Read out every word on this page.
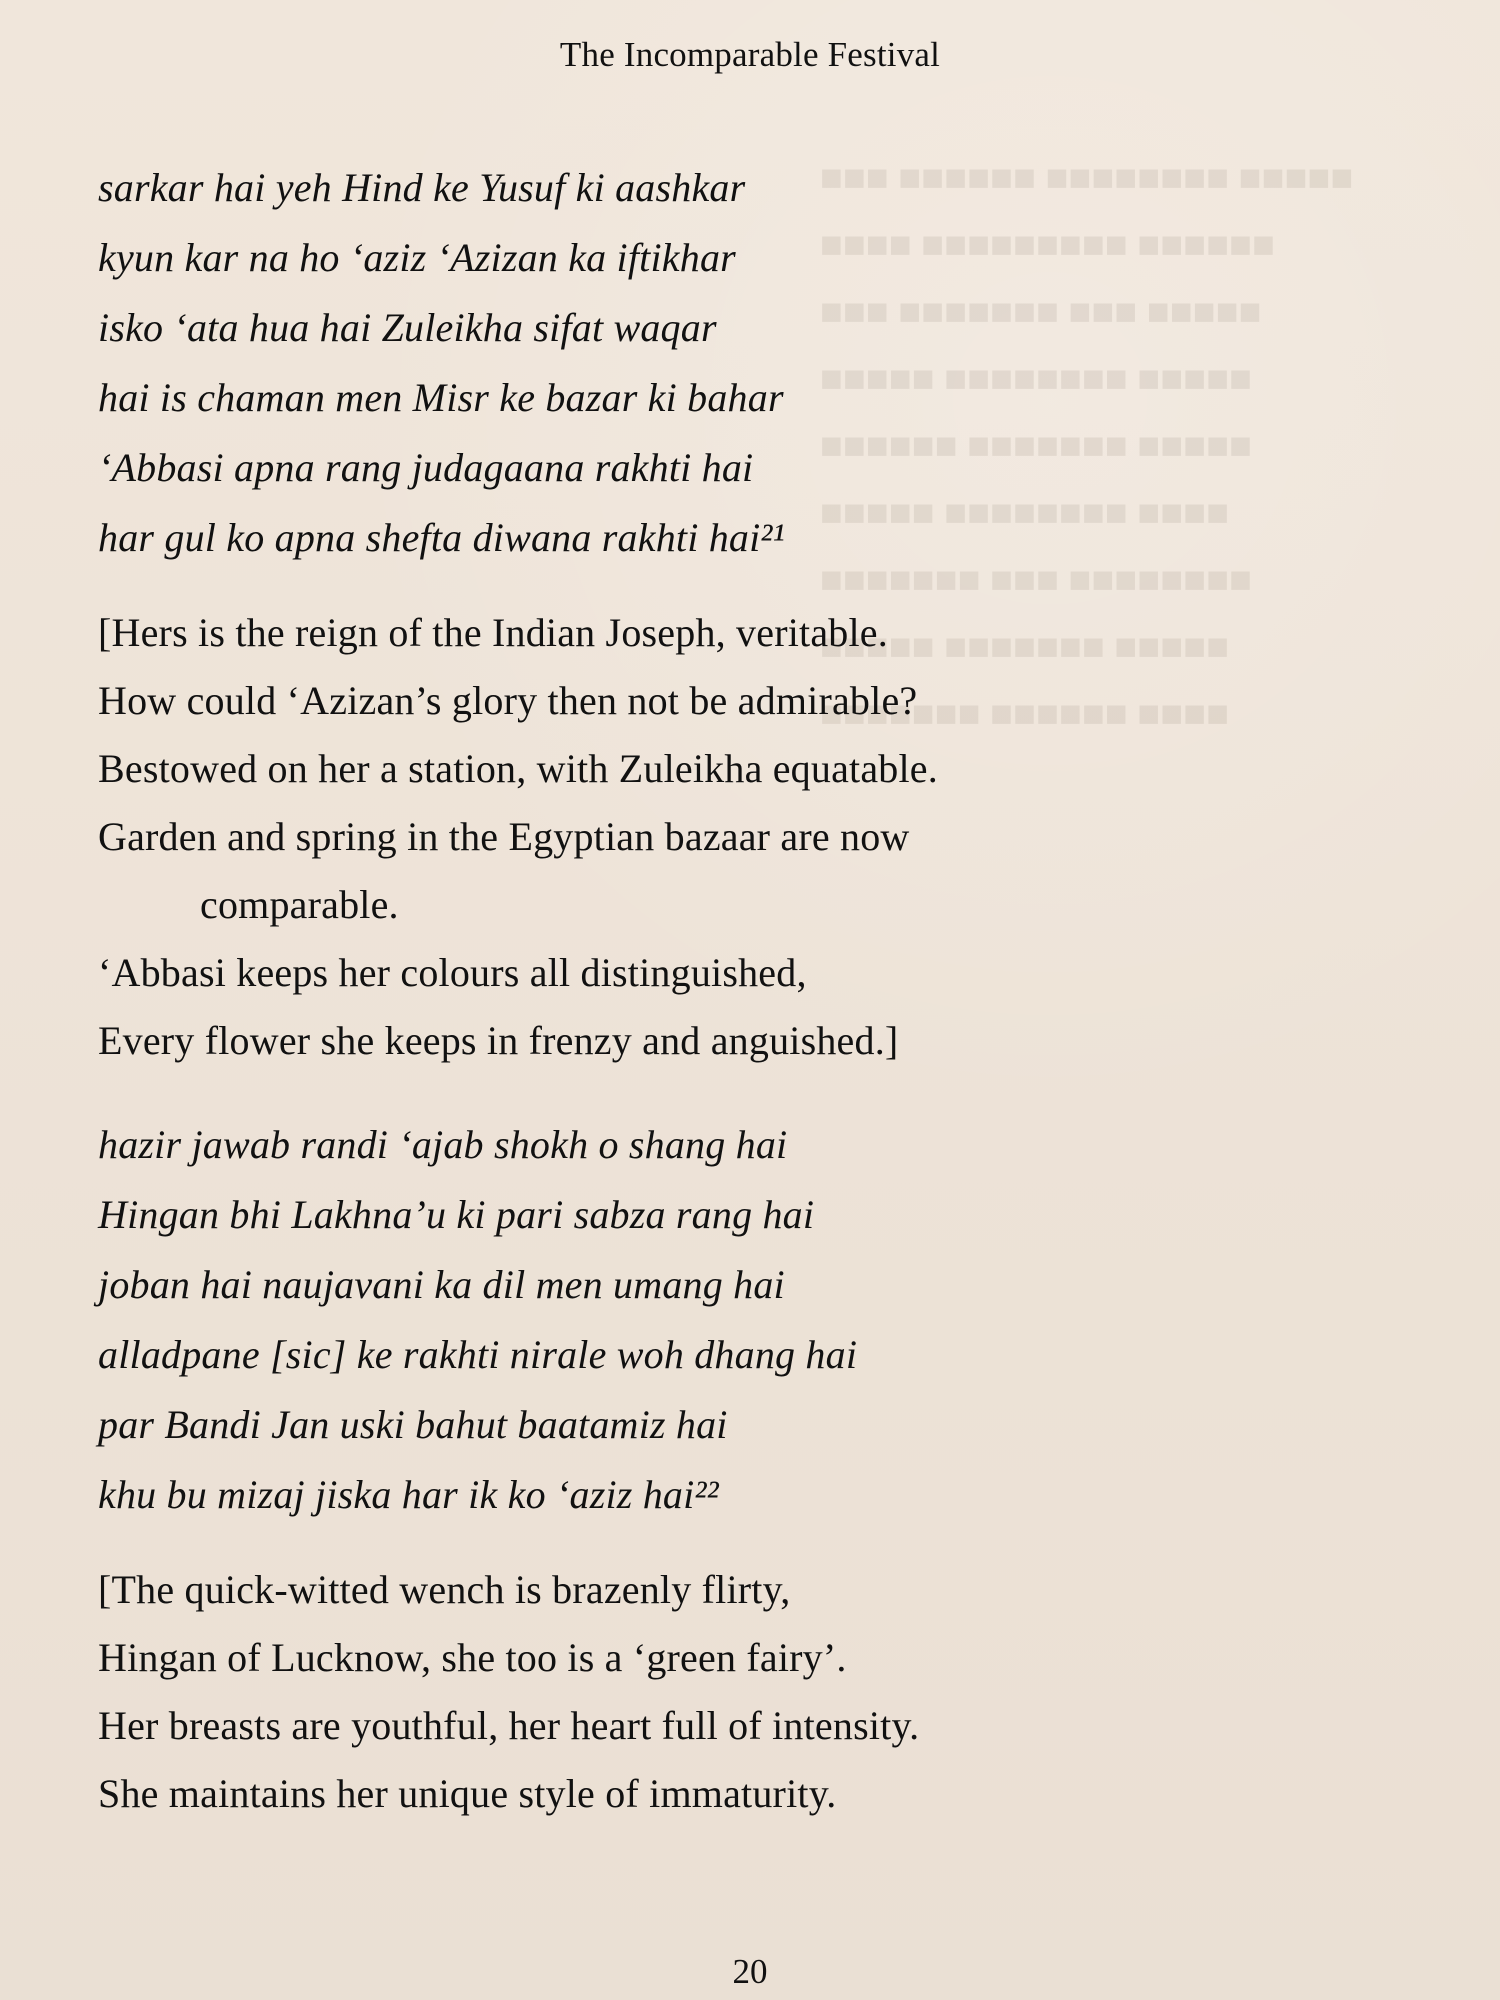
■■■ ■■■■■■ ■■■■■■■■ ■■■■■
■■■■ ■■■■■■■■■ ■■■■■■
■■■ ■■■■■■■ ■■■ ■■■■■
■■■■■ ■■■■■■■■ ■■■■■
■■■■■■ ■■■■■■■ ■■■■■
■■■■■ ■■■■■■■■ ■■■■
■■■■■■■ ■■■ ■■■■■■■■
■■■■■ ■■■■■■■ ■■■■■
■■■■■■■ ■■■■■■ ■■■■
The Incomparable Festival
sarkar hai yeh Hind ke Yusuf ki aashkar
kyun kar na ho ‘aziz ‘Azizan ka iftikhar
isko ‘ata hua hai Zuleikha sifat waqar
hai is chaman men Misr ke bazar ki bahar
‘Abbasi apna rang judagaana rakhti hai
har gul ko apna shefta diwana rakhti hai²¹
[Hers is the reign of the Indian Joseph, veritable.
How could ‘Azizan’s glory then not be admirable?
Bestowed on her a station, with Zuleikha equatable.
Garden and spring in the Egyptian bazaar are now
comparable.
‘Abbasi keeps her colours all distinguished,
Every flower she keeps in frenzy and anguished.]
hazir jawab randi ‘ajab shokh o shang hai
Hingan bhi Lakhna’u ki pari sabza rang hai
joban hai naujavani ka dil men umang hai
alladpane [sic] ke rakhti nirale woh dhang hai
par Bandi Jan uski bahut baatamiz hai
khu bu mizaj jiska har ik ko ‘aziz hai²²
[The quick-witted wench is brazenly flirty,
Hingan of Lucknow, she too is a ‘green fairy’.
Her breasts are youthful, her heart full of intensity.
She maintains her unique style of immaturity.
20
